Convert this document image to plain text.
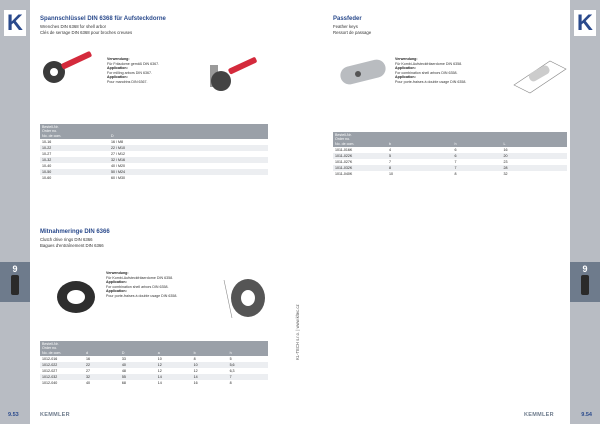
K
9
Spannschlüssel DIN 6368 für Aufsteckdorne
Wrenches DIN 6368 for shell arbor
Clés de serrage DIN 6368 pour broches creuses
Verwendung:
Für Fräsdorne gemäß DIN 6367.
Application:
For milling arbors DIN 6367.
Application:
Pour mandrins DIN 6367.
Bestell-Nr.
Order no.
No. de com.	D
10-16	16 / M8
10-22	22 / M10
10-27	27 / M12
10-32	32 / M16
10-40	40 / M20
10-50	50 / M24
10-60	60 / M30
Mitnahmeringe DIN 6366
Clutch drive rings DIN 6366
Bagues d'entraînement DIN 6366
Verwendung:
Für Kombi-Aufsteckfräserdorne DIN 6358.
Application:
For combination shell arbors DIN 6358.
Application:
Pour porte-fraises à double usage DIN 6358.
Bestell-Nr.
Order no.
No. de com.	d	D	a	b	h
1012-016	16	33	10	8	5
1012-022	22	40	12	10	5,6
1012-027	27	48	12	12	6,3
1012-032	32	55	14	14	7
1012-040	40	68	14	16	8
9.53	KEMMLER
K
9
Passfeder
Feather keys
Ressort de passage
Verwendung:
Für Kombi-Aufsteckfräserdorne DIN 6358.
Application:
For combination shell arbors DIN 6358.
Application:
Pour porte-fraises à double usage DIN 6358.
Bestell-Nr.
Order no.
No. de com.	b	h	L
1011-016K	4	6	16
1011-022K	5	6	20
1011-027K	7	7	23
1011-032K	8	7	28
1011-040K	10	8	32
9.54
KEMMLER
KL-TECH s.r.o. | www.kltec.cz
